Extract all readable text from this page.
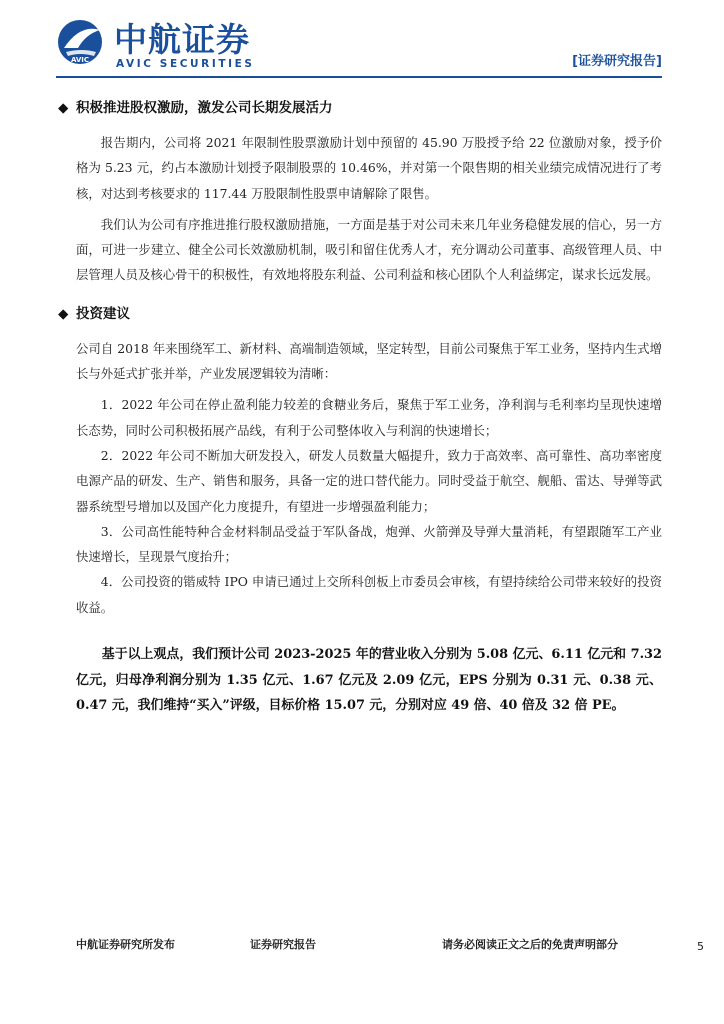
AVIC
中航证券
AVIC SECURITIES	[证券研究报告]
◆ 积极推进股权激励，激发公司长期发展活力

报告期内，公司将 2021 年限制性股票激励计划中预留的 45.90 万股授予给 22 位激励对象，授予价格为 5.23 元，约占本激励计划授予限制股票的 10.46%，并对第一个限售期的相关业绩完成情况进行了考核，对达到考核要求的 117.44 万股限制性股票申请解除了限售。

我们认为公司有序推进推行股权激励措施，一方面是基于对公司未来几年业务稳健发展的信心，另一方面，可进一步建立、健全公司长效激励机制，吸引和留住优秀人才，充分调动公司董事、高级管理人员、中层管理人员及核心骨干的积极性，有效地将股东利益、公司利益和核心团队个人利益绑定，谋求长远发展。

◆ 投资建议

公司自 2018 年来围绕军工、新材料、高端制造领域，坚定转型，目前公司聚焦于军工业务，坚持内生式增长与外延式扩张并举，产业发展逻辑较为清晰：

1．2022 年公司在停止盈利能力较差的食糖业务后，聚焦于军工业务，净利润与毛利率均呈现快速增长态势，同时公司积极拓展产品线，有利于公司整体收入与利润的快速增长；

2．2022 年公司不断加大研发投入，研发人员数量大幅提升，致力于高效率、高可靠性、高功率密度电源产品的研发、生产、销售和服务，具备一定的进口替代能力。同时受益于航空、舰船、雷达、导弹等武器系统型号增加以及国产化力度提升，有望进一步增强盈利能力；

3．公司高性能特种合金材料制品受益于军队备战，炮弹、火箭弹及导弹大量消耗，有望跟随军工产业快速增长，呈现景气度抬升；

4．公司投资的锴威特 IPO 申请已通过上交所科创板上市委员会审核，有望持续给公司带来较好的投资收益。

基于以上观点，我们预计公司 2023-2025 年的营业收入分别为 5.08 亿元、6.11 亿元和 7.32 亿元，归母净利润分别为 1.35 亿元、1.67 亿元及 2.09 亿元，EPS 分别为 0.31 元、0.38 元、0.47 元，我们维持“买入”评级，目标价格 15.07 元，分别对应 49 倍、40 倍及 32 倍 PE。

中航证券研究所发布	证券研究报告	请务必阅读正文之后的免责声明部分	5
